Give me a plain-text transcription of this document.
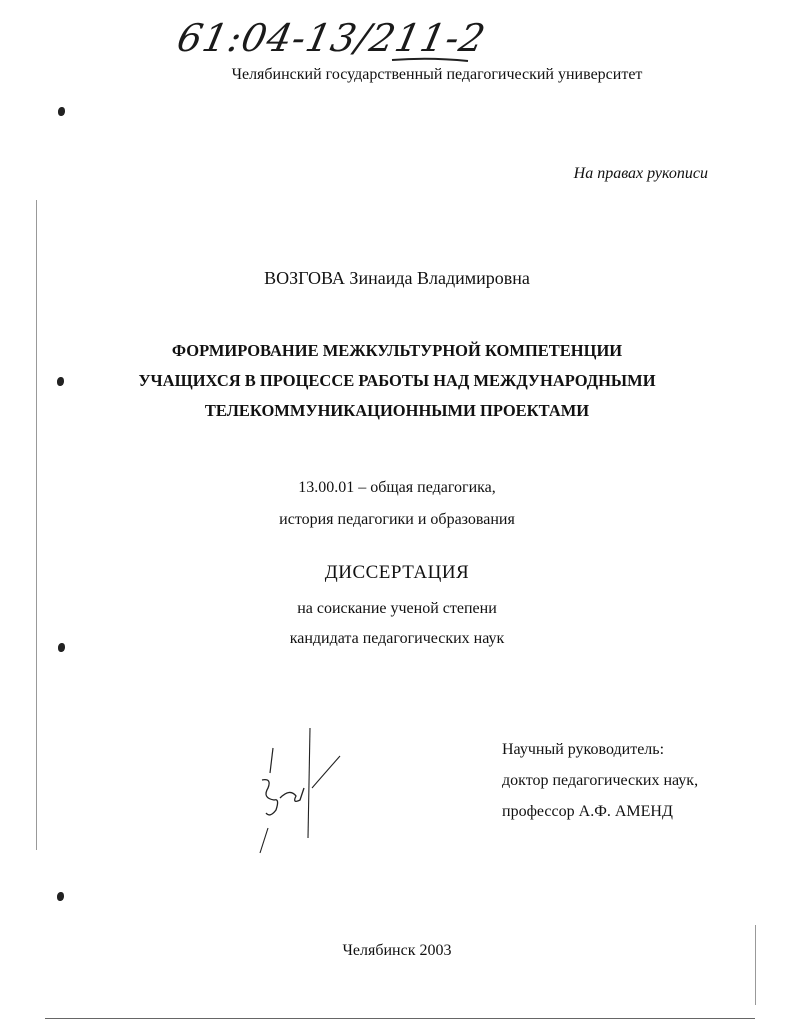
61:04-13/211-2
Челябинский государственный педагогический университет
На правах рукописи
ВОЗГОВА Зинаида Владимировна
ФОРМИРОВАНИЕ МЕЖКУЛЬТУРНОЙ КОМПЕТЕНЦИИ
УЧАЩИХСЯ В ПРОЦЕССЕ РАБОТЫ НАД МЕЖДУНАРОДНЫМИ
ТЕЛЕКОММУНИКАЦИОННЫМИ ПРОЕКТАМИ
13.00.01 – общая педагогика,
история педагогики и образования
ДИССЕРТАЦИЯ
на соискание ученой степени
кандидата педагогических наук
Научный руководитель:
доктор педагогических наук,
профессор А.Ф. АМЕНД
Челябинск 2003
